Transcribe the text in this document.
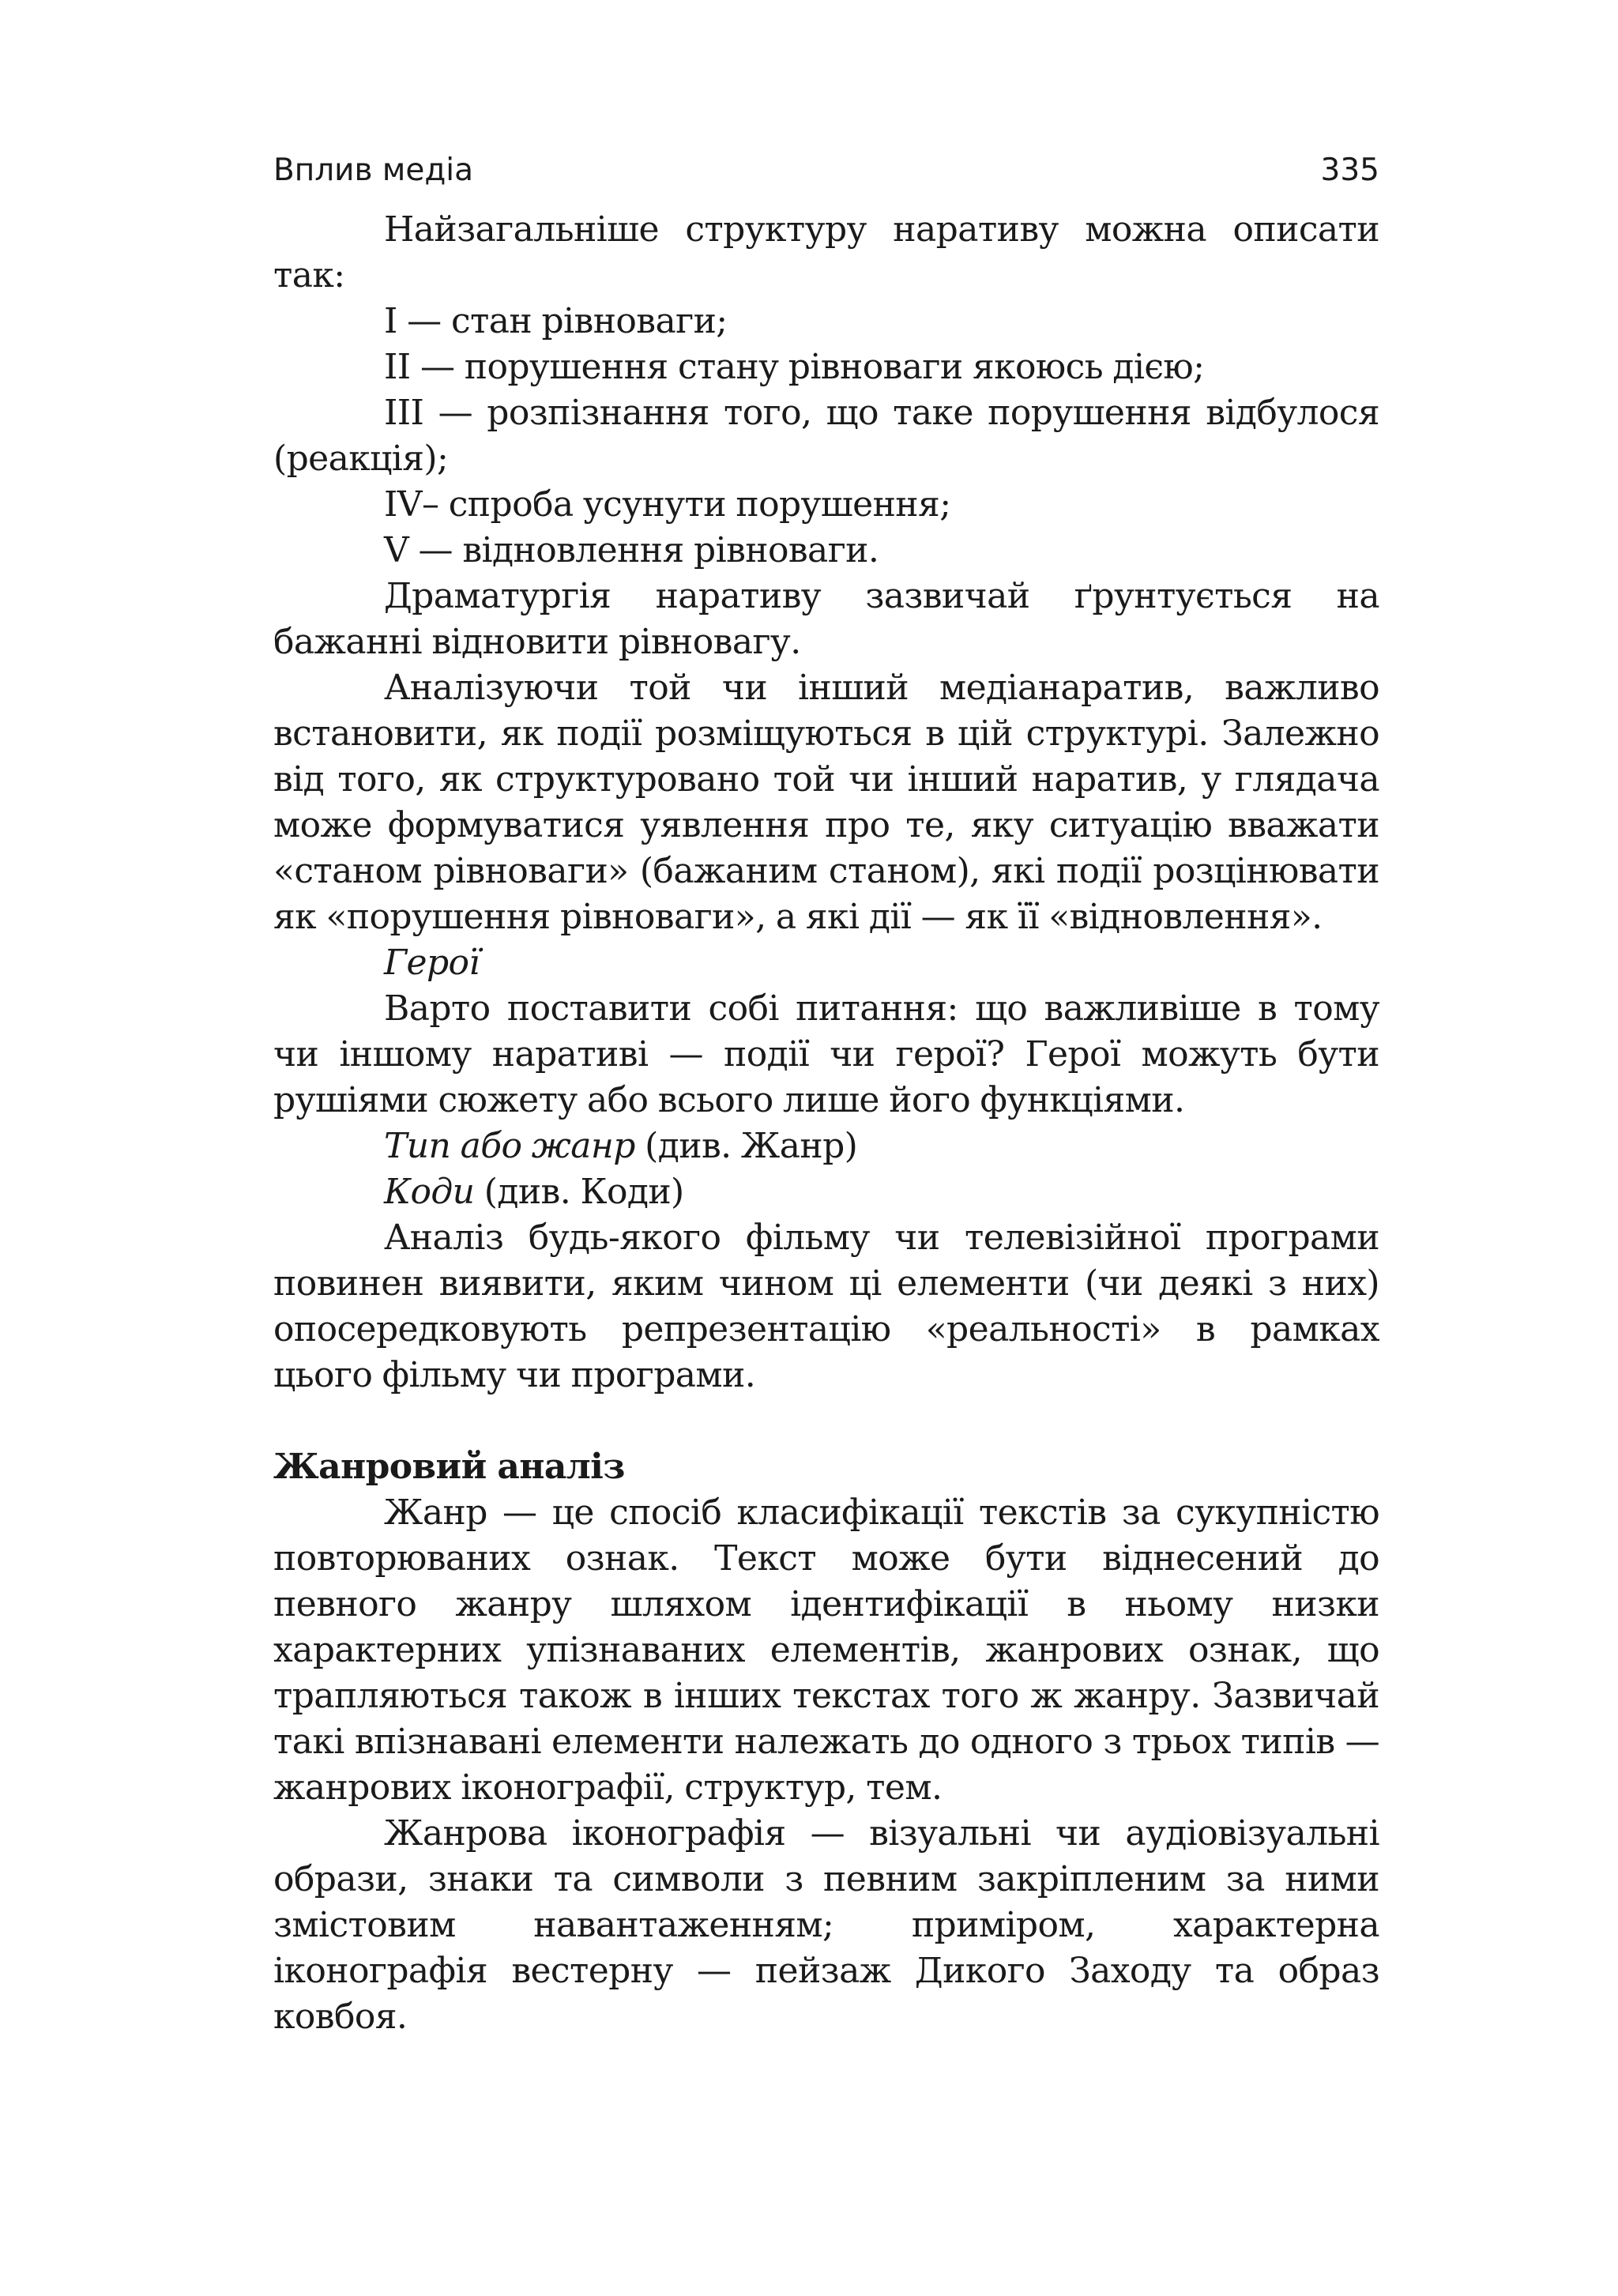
Вплив медіа	335

Найзагальніше структуру наративу можна описати так:

I — стан рівноваги;

II — порушення стану рівноваги якоюсь дією;

III — розпізнання того, що таке порушення відбулося (реакція);

IV– спроба усунути порушення;

V — відновлення рівноваги.

Драматургія наративу зазвичай ґрунтується на бажанні відновити рівновагу.

Аналізуючи той чи інший медіанаратив, важливо встановити, як події розміщуються в цій структурі. Залежно від того, як структуровано той чи інший наратив, у глядача може формуватися уявлення про те, яку ситуацію вважати «станом рівноваги» (бажаним станом), які події розцінювати як «порушення рівноваги», а які дії — як її «відновлення».

Герої

Варто поставити собі питання: що важливіше в тому чи іншому наративі — події чи герої? Герої можуть бути рушіями сюжету або всього лише його функціями.

Тип або жанр (див. Жанр)

Коди (див. Коди)

Аналіз будь-якого фільму чи телевізійної програми повинен виявити, яким чином ці елементи (чи деякі з них) опосередковують репрезентацію «реальності» в рамках цього фільму чи програми.

Жанровий аналіз

Жанр — це спосіб класифікації текстів за сукупністю повторюваних ознак. Текст може бути віднесений до певного жанру шляхом ідентифікації в ньому низки характерних упізнаваних елементів, жанрових ознак, що трапляються також в інших текстах того ж жанру. Зазвичай такі впізнавані елементи належать до одного з трьох типів — жанрових іконографії, структур, тем.

Жанрова іконографія — візуальні чи аудіовізуальні образи, знаки та символи з певним закріпленим за ними змістовим навантаженням; приміром, характерна іконографія вестерну — пейзаж Дикого Заходу та образ ковбоя.
